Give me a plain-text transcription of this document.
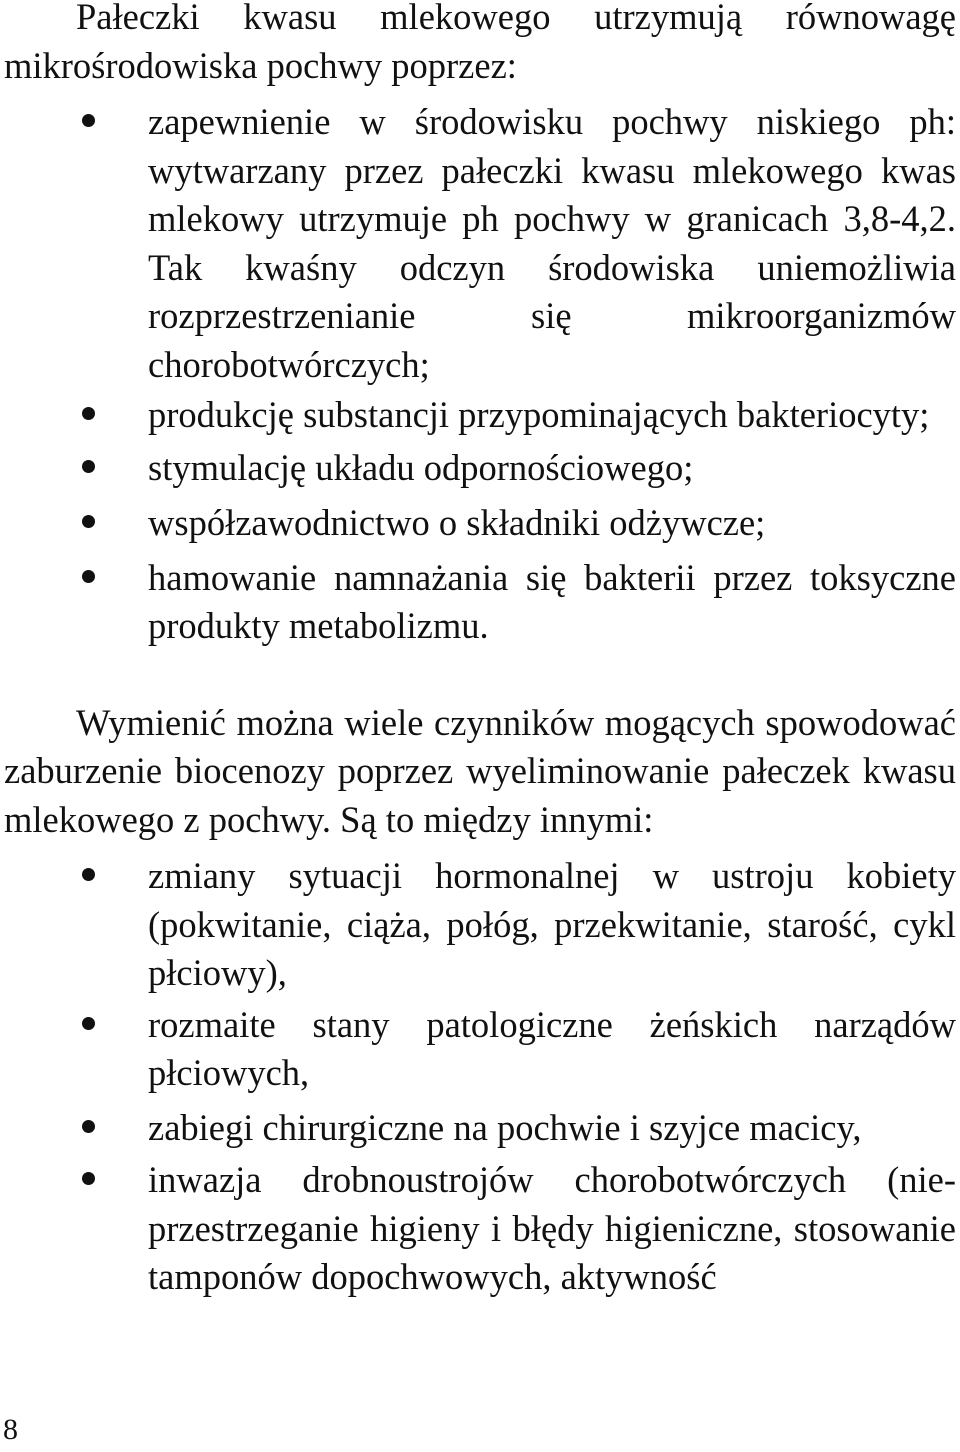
Pałeczki kwasu mlekowego utrzymują równowagę mikrośrodowiska pochwy poprzez:

zapewnienie w środowisku pochwy niskiego ph: wytwarzany przez pałeczki kwasu mlekowego kwas mlekowy utrzymuje ph pochwy w granicach 3,8-4,2. Tak kwaśny odczyn środowiska uniemożliwia rozprzestrzenianie się mikroorganizmów chorobotwórczych;
produkcję substancji przypominających bakteriocyty;
stymulację układu odpornościowego;
współzawodnictwo o składniki odżywcze;
hamowanie namnażania się bakterii przez toksyczne produkty metabolizmu.

Wymienić można wiele czynników mogących spowodować zaburzenie biocenozy poprzez wyeliminowanie pałeczek kwasu mlekowego z pochwy. Są to między innymi:

zmiany sytuacji hormonalnej w ustroju kobiety (pokwitanie, ciąża, połóg, przekwitanie, starość, cykl płciowy),
rozmaite stany patologiczne żeńskich narządów płciowych,
zabiegi chirurgiczne na pochwie i szyjce macicy,
inwazja drobnoustrojów chorobotwórczych (nieprzestrzeganie higieny i błędy higieniczne, stosowanie tamponów dopochwowych, aktywność
8
